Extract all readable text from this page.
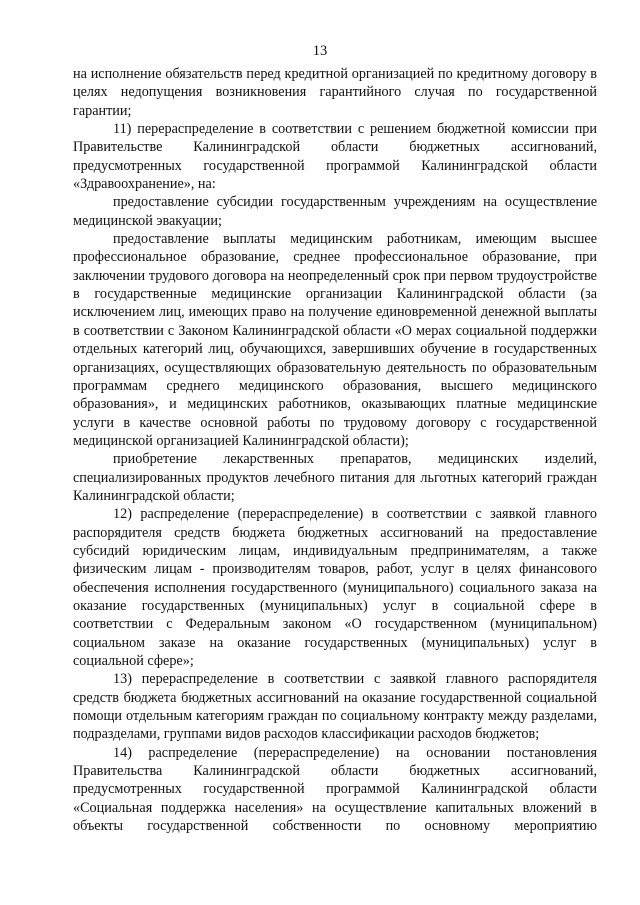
13

на исполнение обязательств перед кредитной организацией по кредитному договору в целях недопущения возникновения гарантийного случая по государственной гарантии;

11) перераспределение в соответствии с решением бюджетной комиссии при Правительстве Калининградской области бюджетных ассигнований, предусмотренных государственной программой Калининградской области «Здравоохранение», на:

предоставление субсидии государственным учреждениям на осуществление медицинской эвакуации;

предоставление выплаты медицинским работникам, имеющим высшее профессиональное образование, среднее профессиональное образование, при заключении трудового договора на неопределенный срок при первом трудоустройстве в государственные медицинские организации Калининградской области (за исключением лиц, имеющих право на получение единовременной денежной выплаты в соответствии с Законом Калининградской области «О мерах социальной поддержки отдельных категорий лиц, обучающихся, завершивших обучение в государственных организациях, осуществляющих образовательную деятельность по образовательным программам среднего медицинского образования, высшего медицинского образования», и медицинских работников, оказывающих платные медицинские услуги в качестве основной работы по трудовому договору с государственной медицинской организацией Калининградской области);

приобретение лекарственных препаратов, медицинских изделий, специализированных продуктов лечебного питания для льготных категорий граждан Калининградской области;

12) распределение (перераспределение) в соответствии с заявкой главного распорядителя средств бюджета бюджетных ассигнований на предоставление субсидий юридическим лицам, индивидуальным предпринимателям, а также физическим лицам - производителям товаров, работ, услуг в целях финансового обеспечения исполнения государственного (муниципального) социального заказа на оказание государственных (муниципальных) услуг в социальной сфере в соответствии с Федеральным законом «О государственном (муниципальном) социальном заказе на оказание государственных (муниципальных) услуг в социальной сфере»;

13) перераспределение в соответствии с заявкой главного распорядителя средств бюджета бюджетных ассигнований на оказание государственной социальной помощи отдельным категориям граждан по социальному контракту между разделами, подразделами, группами видов расходов классификации расходов бюджетов;

14) распределение (перераспределение) на основании постановления Правительства Калининградской области бюджетных ассигнований, предусмотренных государственной программой Калининградской области «Социальная поддержка населения» на осуществление капитальных вложений в объекты государственной собственности по основному мероприятию
